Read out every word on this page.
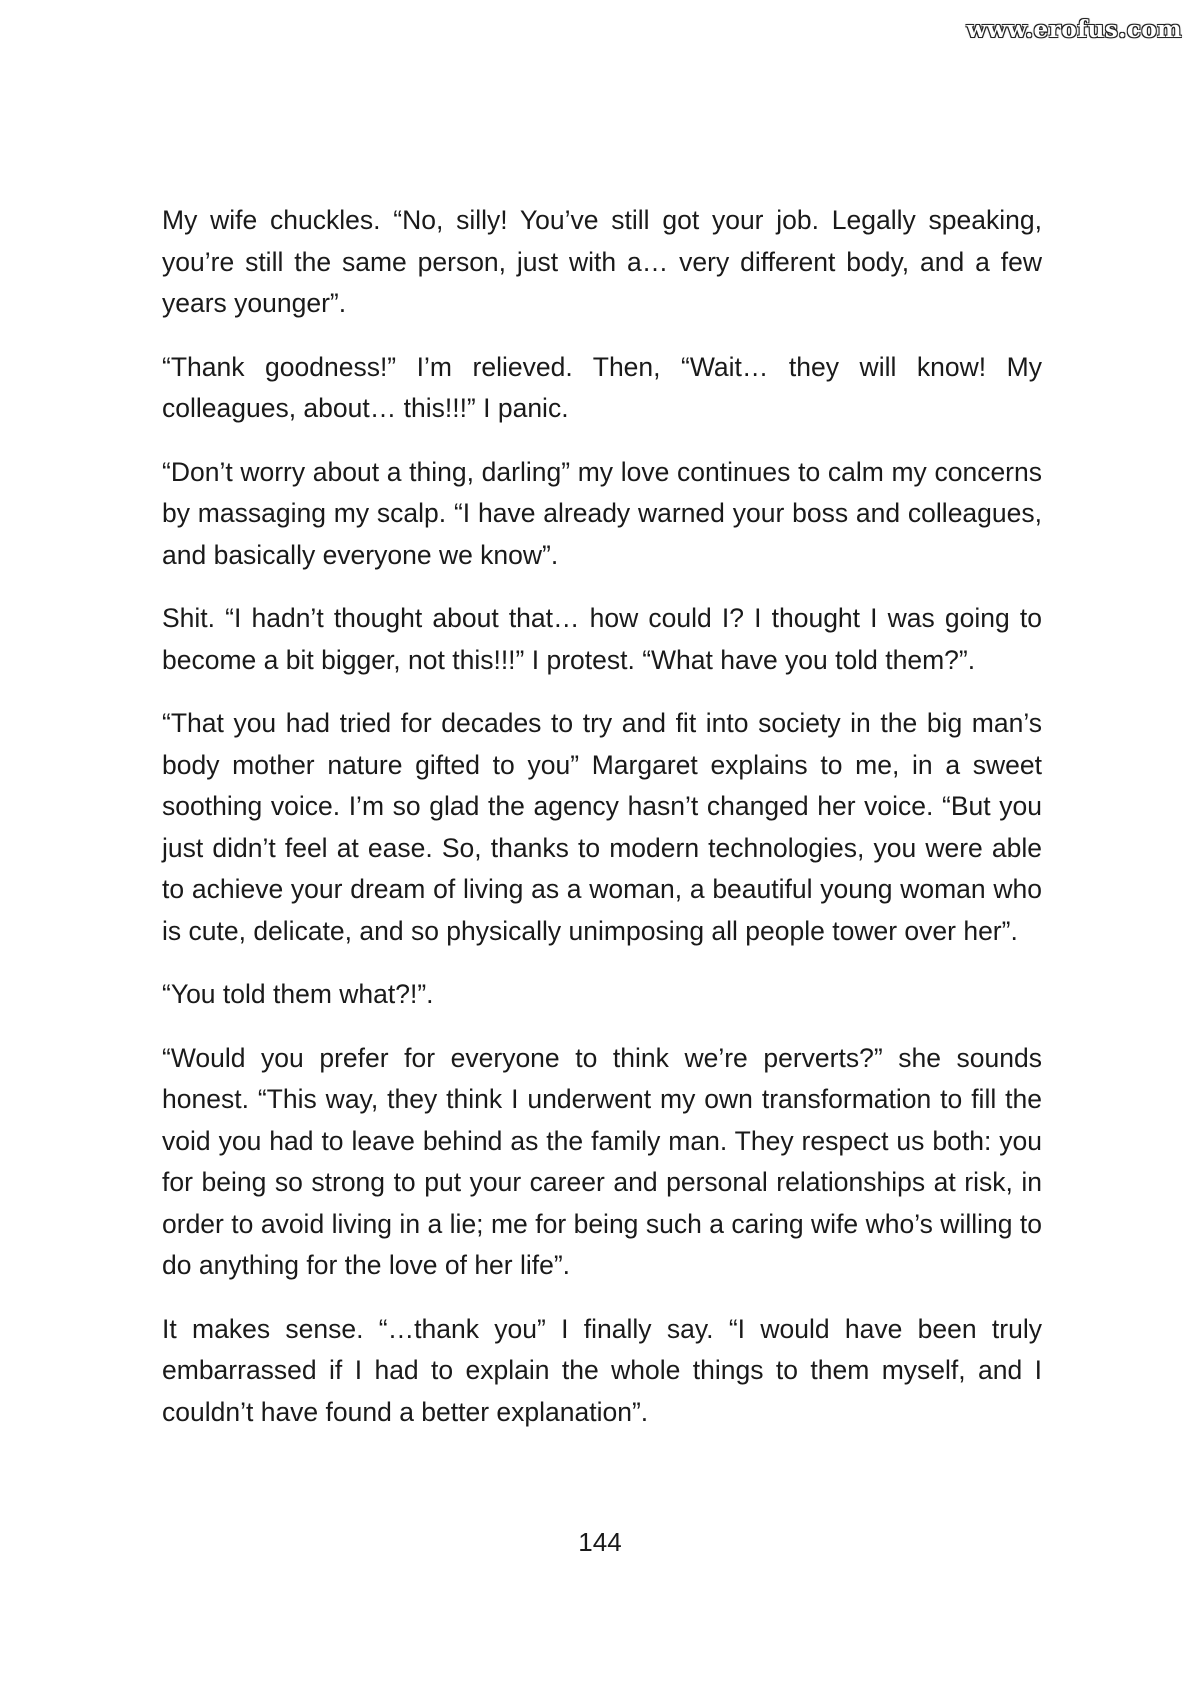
www.erofus.com

My wife chuckles. “No, silly! You’ve still got your job. Legally speaking, you’re still the same person, just with a… very different body, and a few years younger”.

“Thank goodness!” I’m relieved. Then, “Wait… they will know! My colleagues, about… this!!!” I panic.

“Don’t worry about a thing, darling” my love continues to calm my concerns by massaging my scalp. “I have already warned your boss and colleagues, and basically everyone we know”.

Shit. “I hadn’t thought about that… how could I? I thought I was going to become a bit bigger, not this!!!” I protest. “What have you told them?”.

“That you had tried for decades to try and fit into society in the big man’s body mother nature gifted to you” Margaret explains to me, in a sweet soothing voice. I’m so glad the agency hasn’t changed her voice. “But you just didn’t feel at ease. So, thanks to modern technologies, you were able to achieve your dream of living as a woman, a beautiful young woman who is cute, delicate, and so physically unimposing all people tower over her”.

“You told them what?!”.

“Would you prefer for everyone to think we’re perverts?” she sounds honest. “This way, they think I underwent my own transformation to fill the void you had to leave behind as the family man. They respect us both: you for being so strong to put your career and personal relationships at risk, in order to avoid living in a lie; me for being such a caring wife who’s willing to do anything for the love of her life”.

It makes sense. “…thank you” I finally say. “I would have been truly embarrassed if I had to explain the whole things to them myself, and I couldn’t have found a better explanation”.

144
